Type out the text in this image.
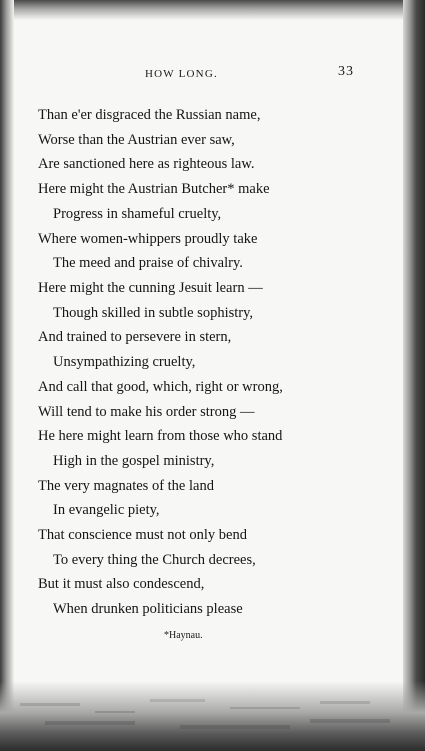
HOW LONG.	33
Than e'er disgraced the Russian name,
Worse than the Austrian ever saw,
Are sanctioned here as righteous law.
Here might the Austrian Butcher* make
Progress in shameful cruelty,
Where women-whippers proudly take
The meed and praise of chivalry.
Here might the cunning Jesuit learn —
Though skilled in subtle sophistry,
And trained to persevere in stern,
Unsympathizing cruelty,
And call that good, which, right or wrong,
Will tend to make his order strong —
He here might learn from those who stand
High in the gospel ministry,
The very magnates of the land
In evangelic piety,
That conscience must not only bend
To every thing the Church decrees,
But it must also condescend,
When drunken politicians please
*Haynau.
